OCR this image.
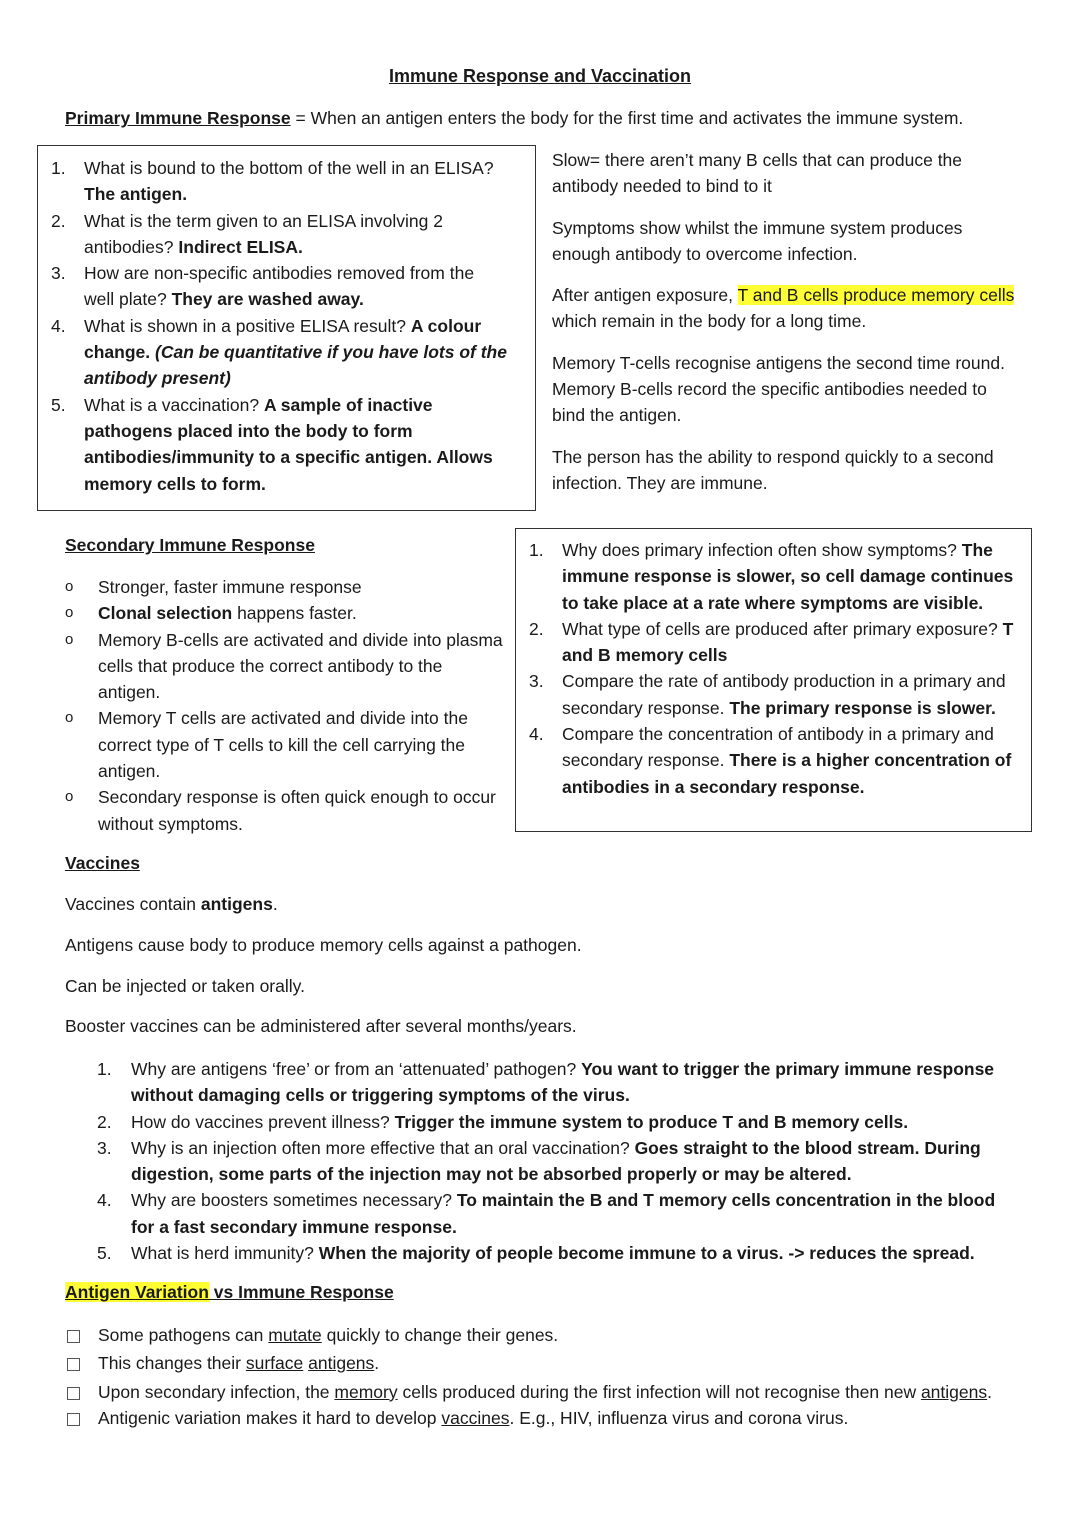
Immune Response and Vaccination
Primary Immune Response = When an antigen enters the body for the first time and activates the immune system.
1. What is bound to the bottom of the well in an ELISA? The antigen.
2. What is the term given to an ELISA involving 2 antibodies? Indirect ELISA.
3. How are non-specific antibodies removed from the well plate? They are washed away.
4. What is shown in a positive ELISA result? A colour change. (Can be quantitative if you have lots of the antibody present)
5. What is a vaccination? A sample of inactive pathogens placed into the body to form antibodies/immunity to a specific antigen. Allows memory cells to form.

Slow= there aren’t many B cells that can produce the antibody needed to bind to it

Symptoms show whilst the immune system produces enough antibody to overcome infection.

After antigen exposure, T and B cells produce memory cells which remain in the body for a long time.

Memory T-cells recognise antigens the second time round. Memory B-cells record the specific antibodies needed to bind the antigen.

The person has the ability to respond quickly to a second infection. They are immune.

Secondary Immune Response
o Stronger, faster immune response
o Clonal selection happens faster.
o Memory B-cells are activated and divide into plasma cells that produce the correct antibody to the antigen.
o Memory T cells are activated and divide into the correct type of T cells to kill the cell carrying the antigen.
o Secondary response is often quick enough to occur without symptoms.
1. Why does primary infection often show symptoms? The immune response is slower, so cell damage continues to take place at a rate where symptoms are visible.
2. What type of cells are produced after primary exposure? T and B memory cells
3. Compare the rate of antibody production in a primary and secondary response. The primary response is slower.
4. Compare the concentration of antibody in a primary and secondary response. There is a higher concentration of antibodies in a secondary response.
Vaccines
Vaccines contain antigens.
Antigens cause body to produce memory cells against a pathogen.
Can be injected or taken orally.
Booster vaccines can be administered after several months/years.
1. Why are antigens ‘free’ or from an ‘attenuated’ pathogen? You want to trigger the primary immune response without damaging cells or triggering symptoms of the virus.
2. How do vaccines prevent illness? Trigger the immune system to produce T and B memory cells.
3. Why is an injection often more effective that an oral vaccination? Goes straight to the blood stream. During digestion, some parts of the injection may not be absorbed properly or may be altered.
4. Why are boosters sometimes necessary? To maintain the B and T memory cells concentration in the blood for a fast secondary immune response.
5. What is herd immunity? When the majority of people become immune to a virus. -> reduces the spread.
Antigen Variation vs Immune Response
Some pathogens can mutate quickly to change their genes.
This changes their surface antigens.
Upon secondary infection, the memory cells produced during the first infection will not recognise then new antigens.
Antigenic variation makes it hard to develop vaccines. E.g., HIV, influenza virus and corona virus.
